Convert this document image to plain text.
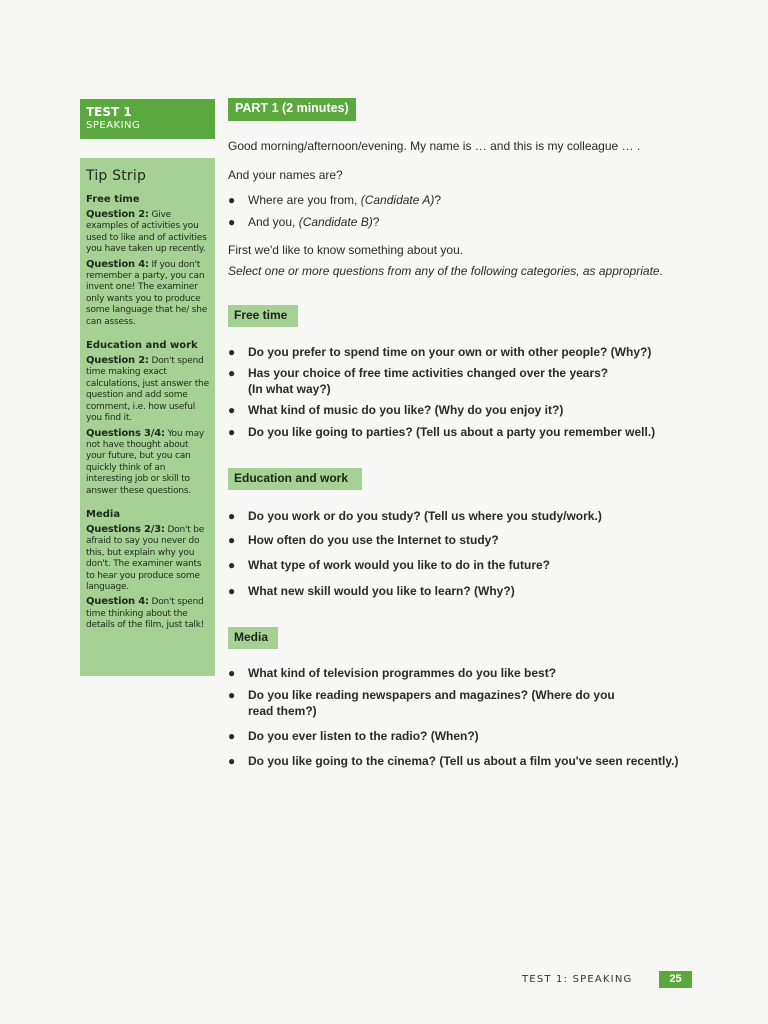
TEST 1
SPEAKING
Tip Strip
Free time

Question 2: Give examples of activities you used to like and of activities you have taken up recently.

Question 4: If you don't remember a party, you can invent one! The examiner only wants you to produce some language that he/ she can assess.

Education and work

Question 2: Don't spend time making exact calculations, just answer the question and add some comment, i.e. how useful you find it.

Questions 3/4: You may not have thought about your future, but you can quickly think of an interesting job or skill to answer these questions.

Media

Questions 2/3: Don't be afraid to say you never do this, but explain why you don't. The examiner wants to hear you produce some language.

Question 4: Don't spend time thinking about the details of the film, just talk!

PART 1 (2 minutes)
Good morning/afternoon/evening. My name is … and this is my colleague … .
And your names are?
● Where are you from, (Candidate A)?
● And you, (Candidate B)?
First we'd like to know something about you.
Select one or more questions from any of the following categories, as appropriate.
Free time
● Do you prefer to spend time on your own or with other people? (Why?)
● Has your choice of free time activities changed over the years?
(In what way?)
● What kind of music do you like? (Why do you enjoy it?)
● Do you like going to parties? (Tell us about a party you remember well.)
Education and work
● Do you work or do you study? (Tell us where you study/work.)
● How often do you use the Internet to study?
● What type of work would you like to do in the future?
● What new skill would you like to learn? (Why?)
Media
● What kind of television programmes do you like best?
● Do you like reading newspapers and magazines? (Where do you
read them?)
● Do you ever listen to the radio? (When?)
● Do you like going to the cinema? (Tell us about a film you've seen recently.)
TEST 1: SPEAKING	25
